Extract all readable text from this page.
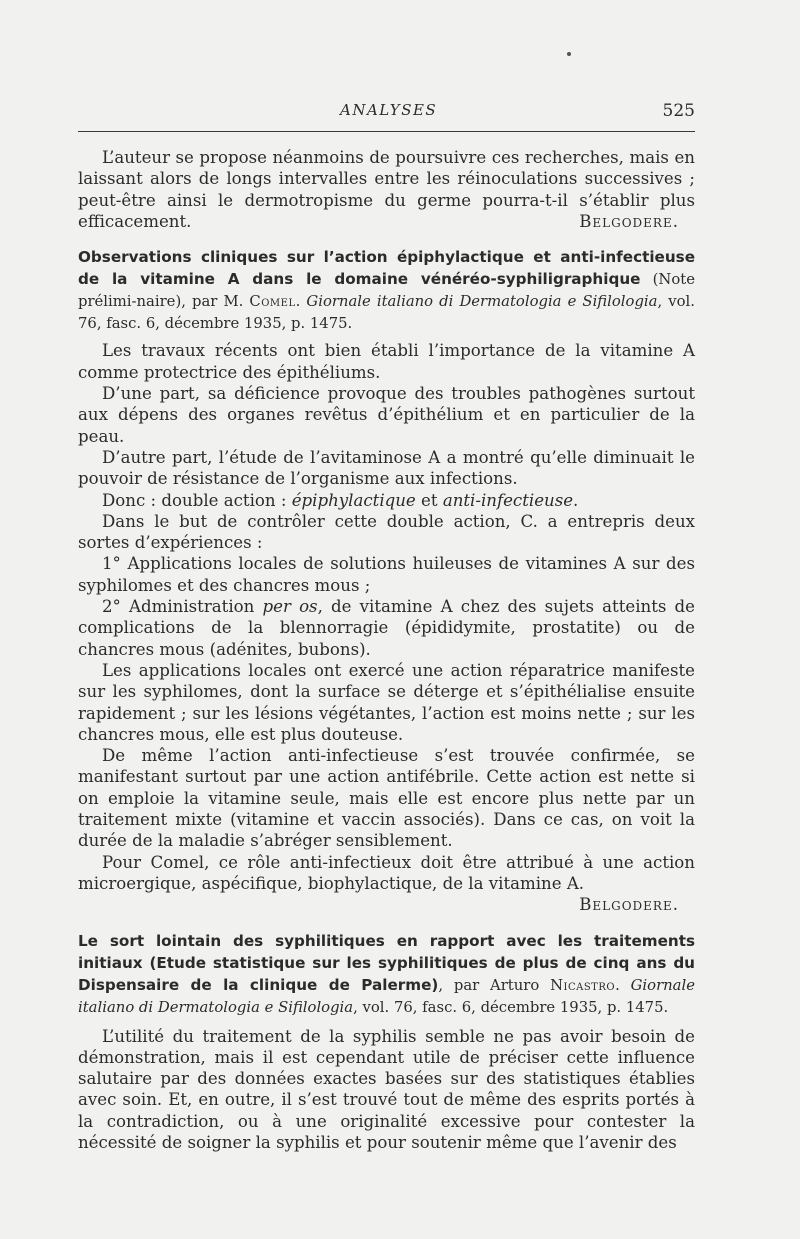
ANALYSES	525

L’auteur se propose néanmoins de poursuivre ces recherches, mais en laissant alors de longs intervalles entre les réinoculations successives ; peut-être ainsi le dermotropisme du germe pourra-t-il s’établir plus efficacement.	Belgodere.

Observations cliniques sur l’action épiphylactique et anti-infectieuse de la vitamine A dans le domaine vénéréo-syphiligraphique (Note prélimi-naire), par M. Comel. Giornale italiano di Dermatologia e Sifilologia, vol. 76, fasc. 6, décembre 1935, p. 1475.

Les travaux récents ont bien établi l’importance de la vitamine A comme protectrice des épithéliums.

D’une part, sa déficience provoque des troubles pathogènes surtout aux dépens des organes revêtus d’épithélium et en particulier de la peau.

D’autre part, l’étude de l’avitaminose A a montré qu’elle diminuait le pouvoir de résistance de l’organisme aux infections.

Donc : double action : épiphylactique et anti-infectieuse.

Dans le but de contrôler cette double action, C. a entrepris deux sortes d’expériences :

1° Applications locales de solutions huileuses de vitamines A sur des syphilomes et des chancres mous ;

2° Administration per os, de vitamine A chez des sujets atteints de complications de la blennorragie (épididymite, prostatite) ou de chancres mous (adénites, bubons).

Les applications locales ont exercé une action réparatrice manifeste sur les syphilomes, dont la surface se déterge et s’épithélialise ensuite rapidement ; sur les lésions végétantes, l’action est moins nette ; sur les chancres mous, elle est plus douteuse.

De même l’action anti-infectieuse s’est trouvée confirmée, se manifestant surtout par une action antifébrile. Cette action est nette si on emploie la vitamine seule, mais elle est encore plus nette par un traitement mixte (vitamine et vaccin associés). Dans ce cas, on voit la durée de la maladie s’abréger sensiblement.

Pour Comel, ce rôle anti-infectieux doit être attribué à une action microergique, aspécifique, biophylactique, de la vitamine A.

Belgodere.

Le sort lointain des syphilitiques en rapport avec les traitements initiaux (Etude statistique sur les syphilitiques de plus de cinq ans du Dispensaire de la clinique de Palerme), par Arturo Nicastro. Giornale italiano di Dermatologia e Sifilologia, vol. 76, fasc. 6, décembre 1935, p. 1475.

L’utilité du traitement de la syphilis semble ne pas avoir besoin de démonstration, mais il est cependant utile de préciser cette influence salutaire par des données exactes basées sur des statistiques établies avec soin. Et, en outre, il s’est trouvé tout de même des esprits portés à la contradiction, ou à une originalité excessive pour contester la nécessité de soigner la syphilis et pour soutenir même que l’avenir des
